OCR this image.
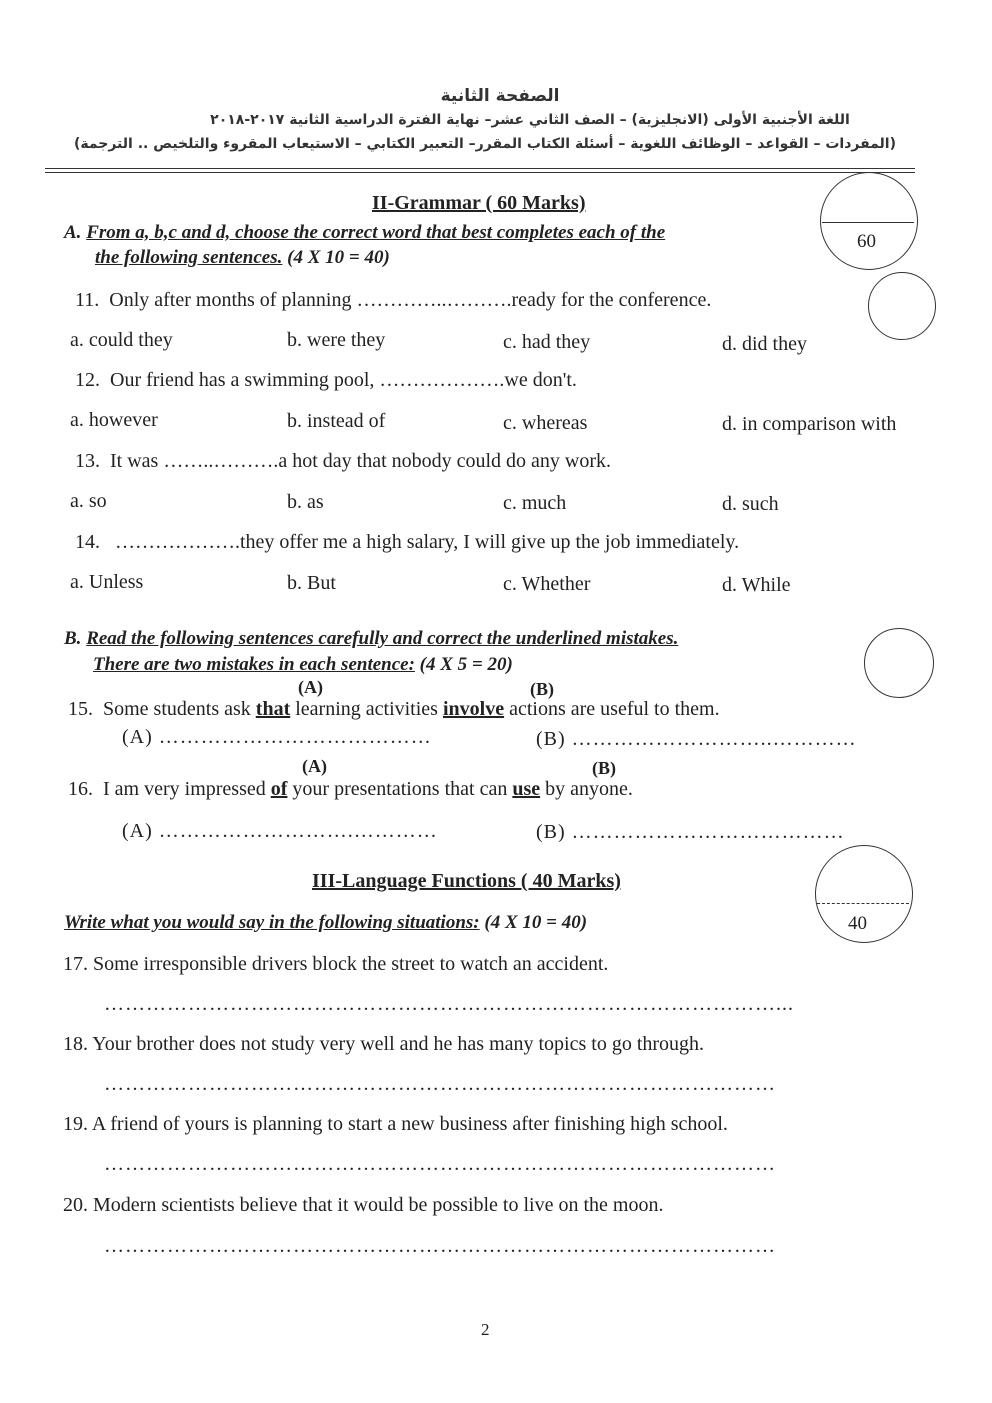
الصفحة الثانية
اللغة الأجنبية الأولى (الانجليزية) – الصف الثاني عشر– نهاية الفترة الدراسية الثانية ٢٠١٧-٢٠١٨
(المفردات – القواعد – الوظائف اللغوية – أسئلة الكتاب المقرر– التعبير الكتابي – الاستيعاب المقروء والتلخيص .. الترجمة)
II-Grammar ( 60 Marks)
60
A. From a, b,c and d, choose the correct word that best completes each of the
the following sentences. (4 X 10 = 40)
11. Only after months of planning …………..……….ready for the conference.
a. could they	b. were they	c. had they	d. did they
12. Our friend has a swimming pool, ……………….we don't.
a. however	b. instead of	c. whereas	d. in comparison with
13. It was ……..……….a hot day that nobody could do any work.
a. so	b. as	c. much	d. such
14. ……………….they offer me a high salary, I will give up the job immediately.
a. Unless	b. But	c. Whether	d. While
B. Read the following sentences carefully and correct the underlined mistakes.
There are two mistakes in each sentence: (4 X 5 = 20)
(A)	(B)
15. Some students ask that learning activities involve actions are useful to them.
(A) …………………………………	(B) ………………………..…………
(A)	(B)
16. I am very impressed of your presentations that can use by anyone.
(A) ……………………….…………	(B) …………………………………
III-Language Functions ( 40 Marks)
40
Write what you would say in the following situations: (4 X 10 = 40)
17. Some irresponsible drivers block the street to watch an accident.
……………………………………………………………………………………...
18. Your brother does not study very well and he has many topics to go through.
……………………………………………………………………………………
19. A friend of yours is planning to start a new business after finishing high school.
……………………………………………………………………………………
20. Modern scientists believe that it would be possible to live on the moon.
……………………………………………………………………………………
2
